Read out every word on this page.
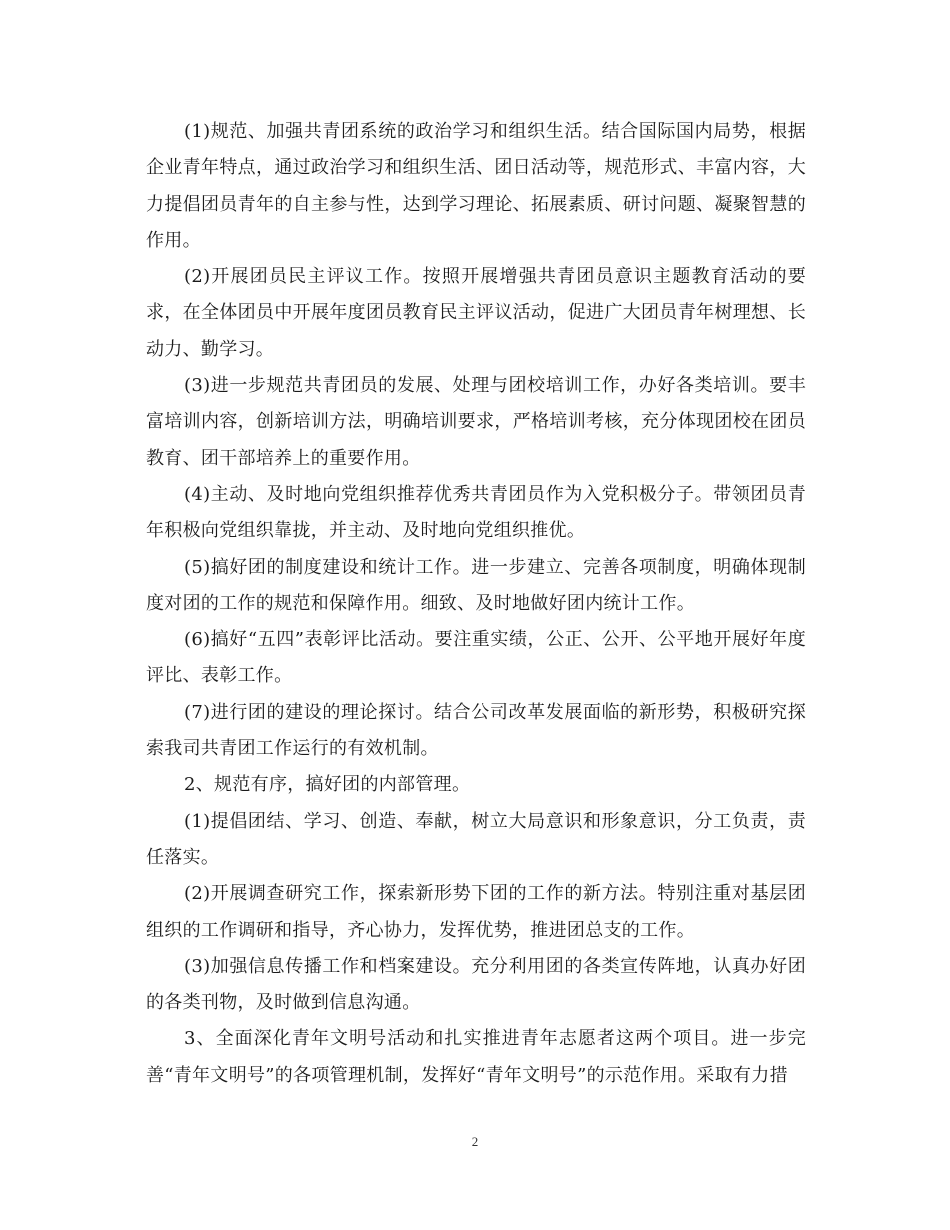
(1)规范、加强共青团系统的政治学习和组织生活。结合国际国内局势，根据企业青年特点，通过政治学习和组织生活、团日活动等，规范形式、丰富内容，大力提倡团员青年的自主参与性，达到学习理论、拓展素质、研讨问题、凝聚智慧的作用。

(2)开展团员民主评议工作。按照开展增强共青团员意识主题教育活动的要求，在全体团员中开展年度团员教育民主评议活动，促进广大团员青年树理想、长动力、勤学习。

(3)进一步规范共青团员的发展、处理与团校培训工作，办好各类培训。要丰富培训内容，创新培训方法，明确培训要求，严格培训考核，充分体现团校在团员教育、团干部培养上的重要作用。

(4)主动、及时地向党组织推荐优秀共青团员作为入党积极分子。带领团员青年积极向党组织靠拢，并主动、及时地向党组织推优。

(5)搞好团的制度建设和统计工作。进一步建立、完善各项制度，明确体现制度对团的工作的规范和保障作用。细致、及时地做好团内统计工作。

(6)搞好“五四”表彰评比活动。要注重实绩，公正、公开、公平地开展好年度评比、表彰工作。

(7)进行团的建设的理论探讨。结合公司改革发展面临的新形势，积极研究探索我司共青团工作运行的有效机制。

2、规范有序，搞好团的内部管理。

(1)提倡团结、学习、创造、奉献，树立大局意识和形象意识，分工负责，责任落实。

(2)开展调查研究工作，探索新形势下团的工作的新方法。特别注重对基层团组织的工作调研和指导，齐心协力，发挥优势，推进团总支的工作。

(3)加强信息传播工作和档案建设。充分利用团的各类宣传阵地，认真办好团的各类刊物，及时做到信息沟通。

3、全面深化青年文明号活动和扎实推进青年志愿者这两个项目。进一步完善“青年文明号”的各项管理机制，发挥好“青年文明号”的示范作用。采取有力措

2
